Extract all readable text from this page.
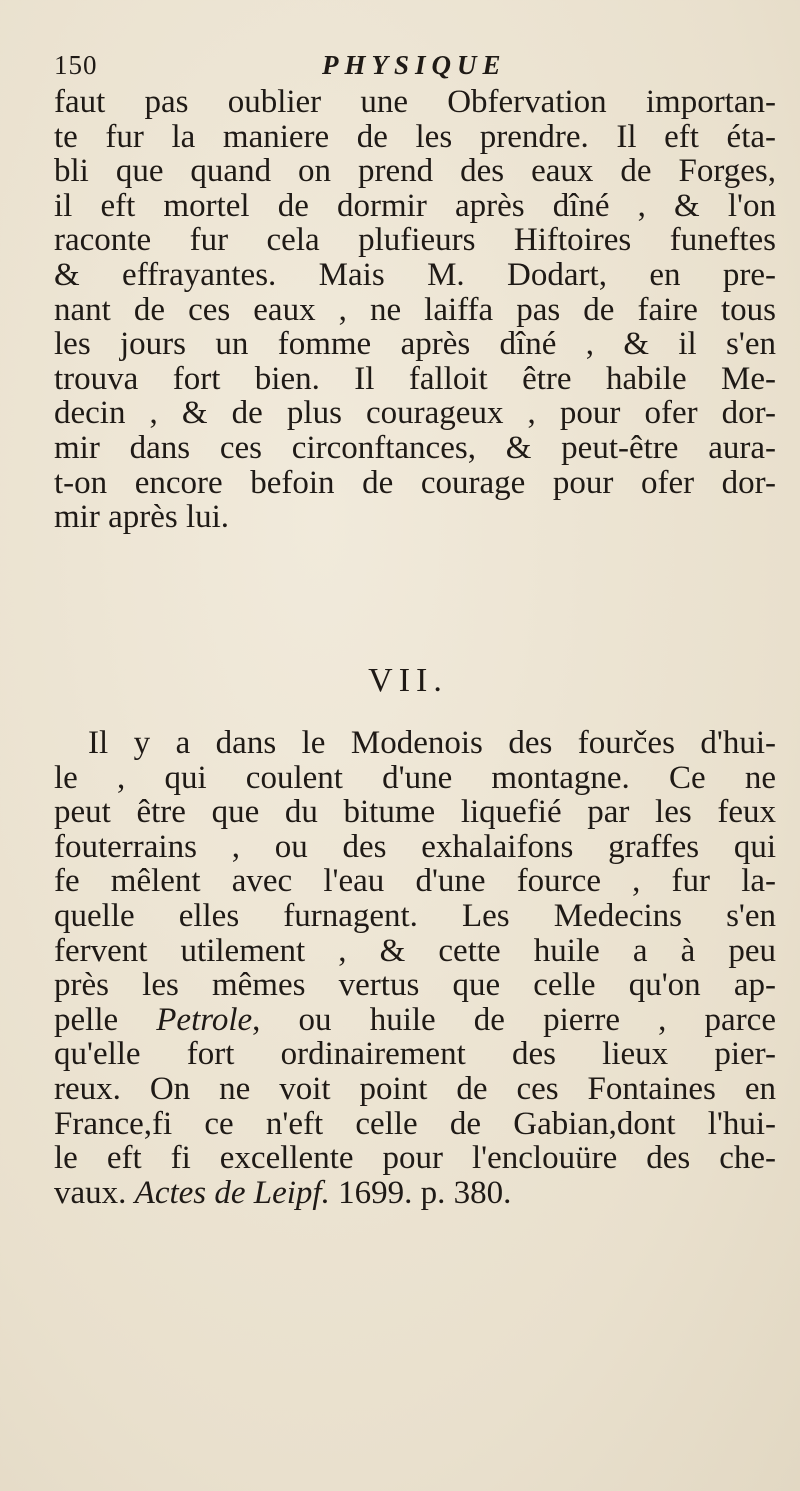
150	PHYSIQUE
faut pas oublier une Obfervation importan-
te fur la maniere de les prendre. Il eft éta-
bli que quand on prend des eaux de Forges,
il eft mortel de dormir après dîné , & l'on
raconte fur cela plufieurs Hiftoires funeftes
& effrayantes. Mais M. Dodart, en pre-
nant de ces eaux , ne laiffa pas de faire tous
les jours un fomme après dîné , & il s'en
trouva fort bien. Il falloit être habile Me-
decin , & de plus courageux , pour ofer dor-
mir dans ces circonftances, & peut-être aura-
t-on encore befoin de courage pour ofer dor-
mir après lui.
VII.
Il y a dans le Modenois des fourčes d'hui-
le , qui coulent d'une montagne. Ce ne
peut être que du bitume liquefié par les feux
fouterrains , ou des exhalaifons graffes qui
fe mêlent avec l'eau d'une fource , fur la-
quelle elles furnagent. Les Medecins s'en
fervent utilement , & cette huile a à peu
près les mêmes vertus que celle qu'on ap-
pelle Petrole, ou huile de pierre , parce
qu'elle fort ordinairement des lieux pier-
reux. On ne voit point de ces Fontaines en
France,fi ce n'eft celle de Gabian,dont l'hui-
le eft fi excellente pour l'enclouüre des che-
vaux. Actes de Leipf. 1699. p. 380.
